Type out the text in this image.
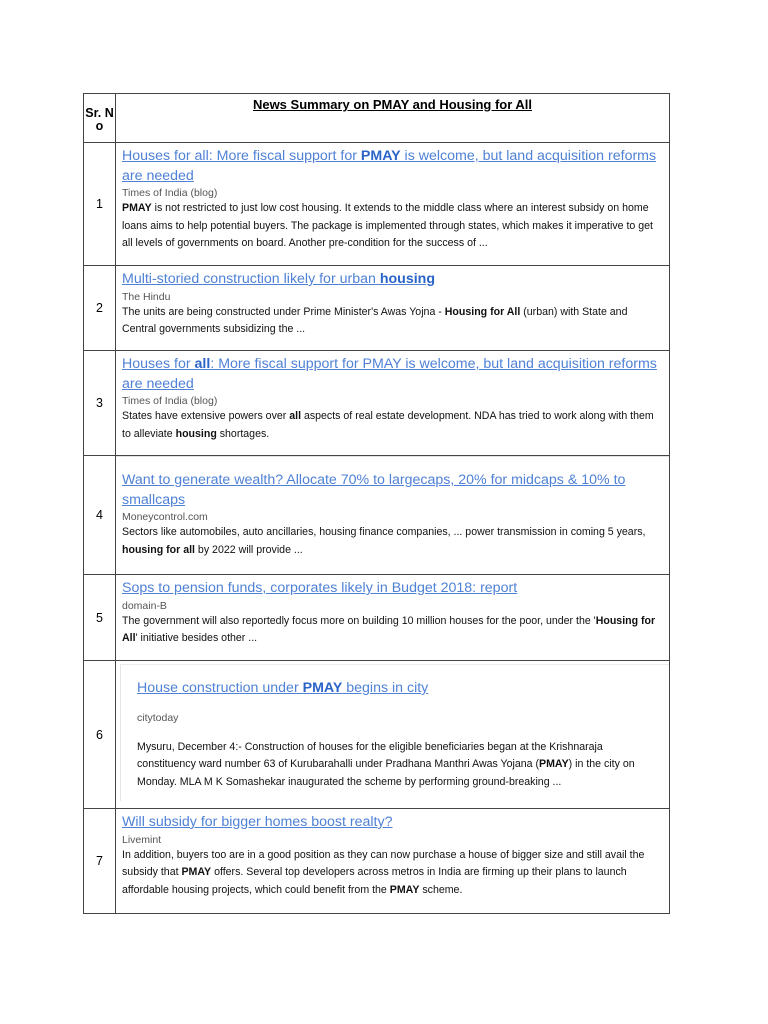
Sr. N o	News Summary on PMAY and Housing for All
1	Houses for all: More fiscal support for PMAY is welcome, but land acquisition reforms are needed
Times of India (blog)
PMAY is not restricted to just low cost housing. It extends to the middle class where an interest subsidy on home loans aims to help potential buyers. The package is implemented through states, which makes it imperative to get all levels of governments on board. Another pre-condition for the success of ...

2	Multi-storied construction likely for urban housing
The Hindu
The units are being constructed under Prime Minister's Awas Yojna - Housing for All (urban) with State and Central governments subsidizing the ...

3	Houses for all: More fiscal support for PMAY is welcome, but land acquisition reforms are needed
Times of India (blog)
States have extensive powers over all aspects of real estate development. NDA has tried to work along with them to alleviate housing shortages.

4	Want to generate wealth? Allocate 70% to largecaps, 20% for midcaps & 10% to smallcaps
Moneycontrol.com
Sectors like automobiles, auto ancillaries, housing finance companies, ... power transmission in coming 5 years, housing for all by 2022 will provide ...

5	Sops to pension funds, corporates likely in Budget 2018: report
domain-B
The government will also reportedly focus more on building 10 million houses for the poor, under the 'Housing for All' initiative besides other ...

6	House construction under PMAY begins in city
citytoday
Mysuru, December 4:- Construction of houses for the eligible beneficiaries began at the Krishnaraja constituency ward number 63 of Kurubarahalli under Pradhana Manthri Awas Yojana (PMAY) in the city on Monday. MLA M K Somashekar inaugurated the scheme by performing ground-breaking ...

7	Will subsidy for bigger homes boost realty?
Livemint
In addition, buyers too are in a good position as they can now purchase a house of bigger size and still avail the subsidy that PMAY offers. Several top developers across metros in India are firming up their plans to launch affordable housing projects, which could benefit from the PMAY scheme.
